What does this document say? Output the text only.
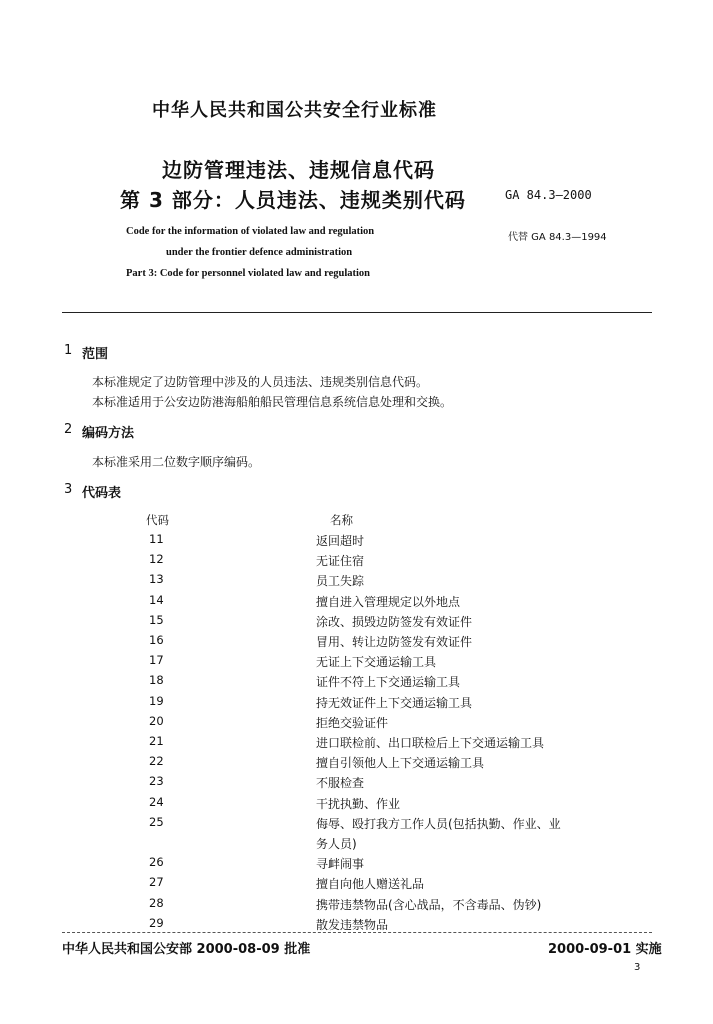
中华人民共和国公共安全行业标准
边防管理违法、违规信息代码
第 3 部分：人员违法、违规类别代码	GA 84.3—2000
Code for the information of violated law and regulation
under the frontier defence administration
Part 3: Code for personnel violated law and regulation
代替 GA 84.3—1994
1 范围
本标准规定了边防管理中涉及的人员违法、违规类别信息代码。
本标准适用于公安边防港海船舶船民管理信息系统信息处理和交换。
2 编码方法
本标准采用二位数字顺序编码。
3 代码表
代码	名称
11	返回超时
12	无证住宿
13	员工失踪
14	擅自进入管理规定以外地点
15	涂改、损毁边防签发有效证件
16	冒用、转让边防签发有效证件
17	无证上下交通运输工具
18	证件不符上下交通运输工具
19	持无效证件上下交通运输工具
20	拒绝交验证件
21	进口联检前、出口联检后上下交通运输工具
22	擅自引领他人上下交通运输工具
23	不服检查
24	干扰执勤、作业
25	侮辱、殴打我方工作人员(包括执勤、作业、业
务人员)
26	寻衅闹事
27	擅自向他人赠送礼品
28	携带违禁物品(含心战品，不含毒品、伪钞)
29	散发违禁物品
中华人民共和国公安部 2000-08-09 批准	2000-09-01 实施
3
